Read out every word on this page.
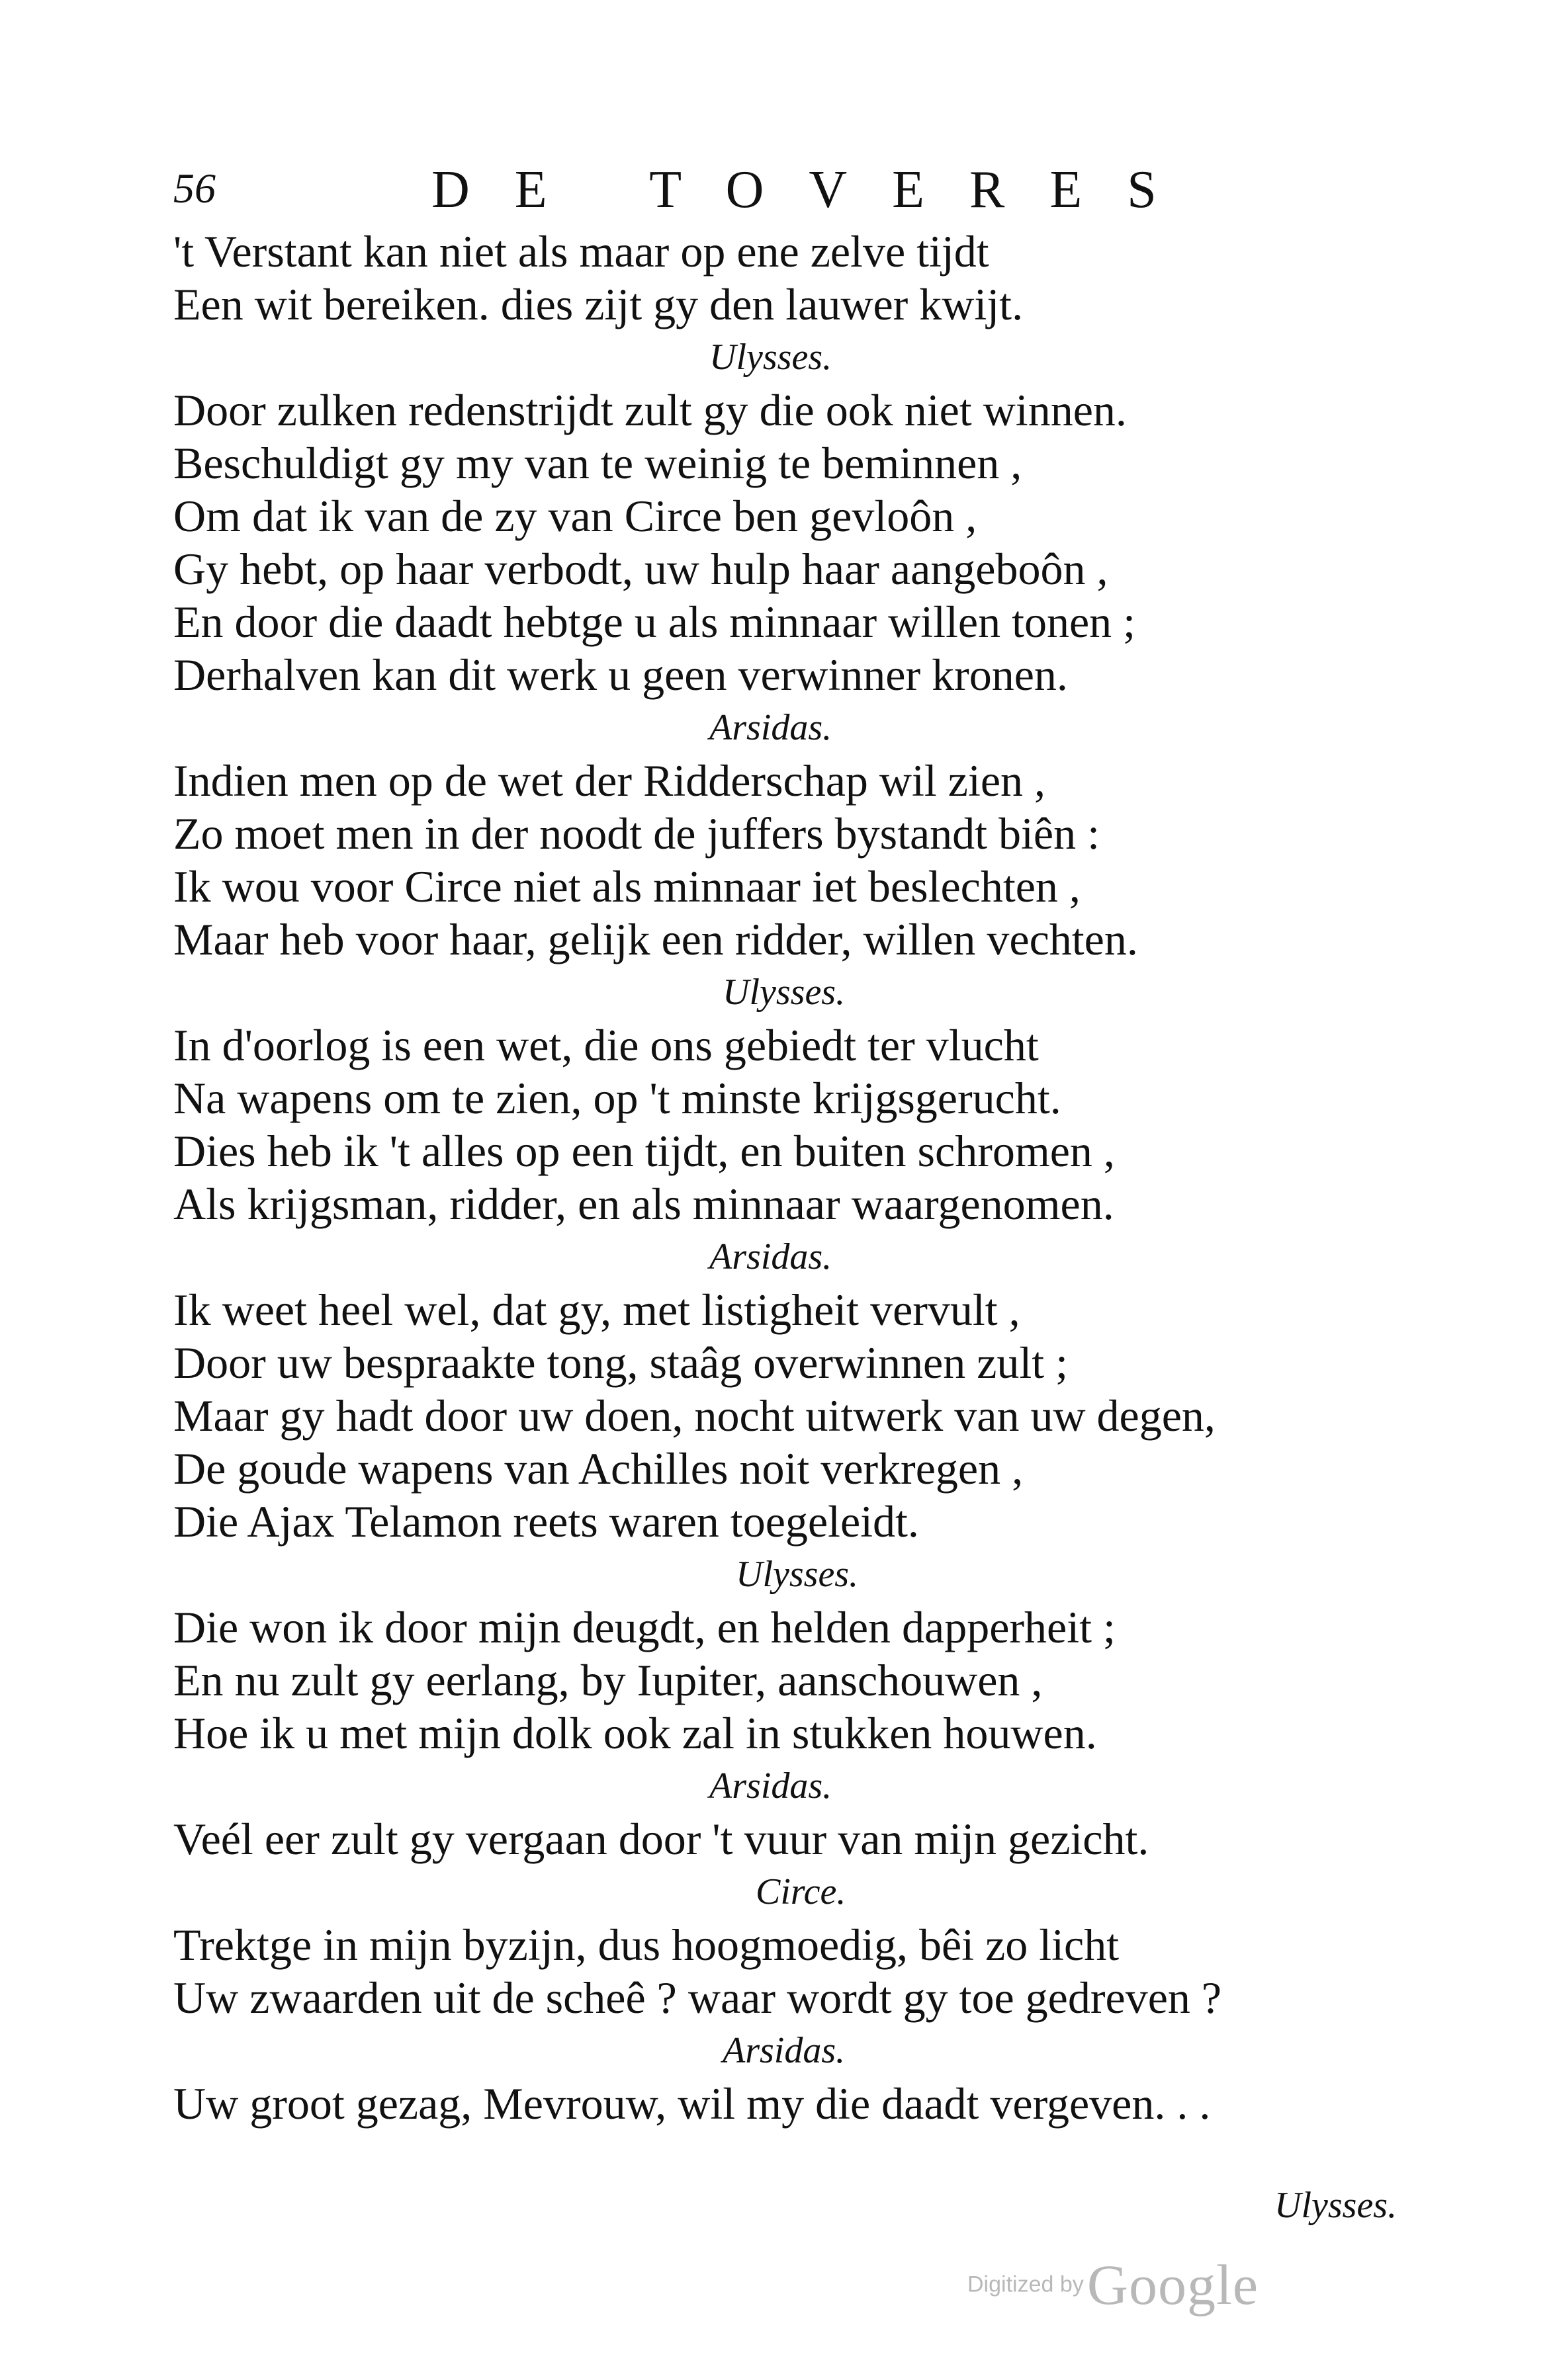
56	DE TOVERES
't Verstant kan niet als maar op ene zelve tijdt
Een wit bereiken. dies zijt gy den lauwer kwijt.
Ulysses.
Door zulken redenstrijdt zult gy die ook niet winnen.
Beschuldigt gy my van te weinig te beminnen ,
Om dat ik van de zy van Circe ben gevloôn ,
Gy hebt, op haar verbodt, uw hulp haar aangeboôn ,
En door die daadt hebtge u als minnaar willen tonen ;
Derhalven kan dit werk u geen verwinner kronen.
Arsidas.
Indien men op de wet der Ridderschap wil zien ,
Zo moet men in der noodt de juffers bystandt biên :
Ik wou voor Circe niet als minnaar iet beslechten ,
Maar heb voor haar, gelijk een ridder, willen vechten.
Ulysses.
In d'oorlog is een wet, die ons gebiedt ter vlucht
Na wapens om te zien, op 't minste krijgsgerucht.
Dies heb ik 't alles op een tijdt, en buiten schromen ,
Als krijgsman, ridder, en als minnaar waargenomen.
Arsidas.
Ik weet heel wel, dat gy, met listigheit vervult ,
Door uw bespraakte tong, staâg overwinnen zult ;
Maar gy hadt door uw doen, nocht uitwerk van uw degen,
De goude wapens van Achilles noit verkregen ,
Die Ajax Telamon reets waren toegeleidt.
Ulysses.
Die won ik door mijn deugdt, en helden dapperheit ;
En nu zult gy eerlang, by Iupiter, aanschouwen ,
Hoe ik u met mijn dolk ook zal in stukken houwen.
Arsidas.
Veél eer zult gy vergaan door 't vuur van mijn gezicht.
Circe.
Trektge in mijn byzijn, dus hoogmoedig, bêi zo licht
Uw zwaarden uit de scheê ? waar wordt gy toe gedreven ?
Arsidas.
Uw groot gezag, Mevrouw, wil my die daadt vergeven. . .
Ulysses.
Digitized by Google
